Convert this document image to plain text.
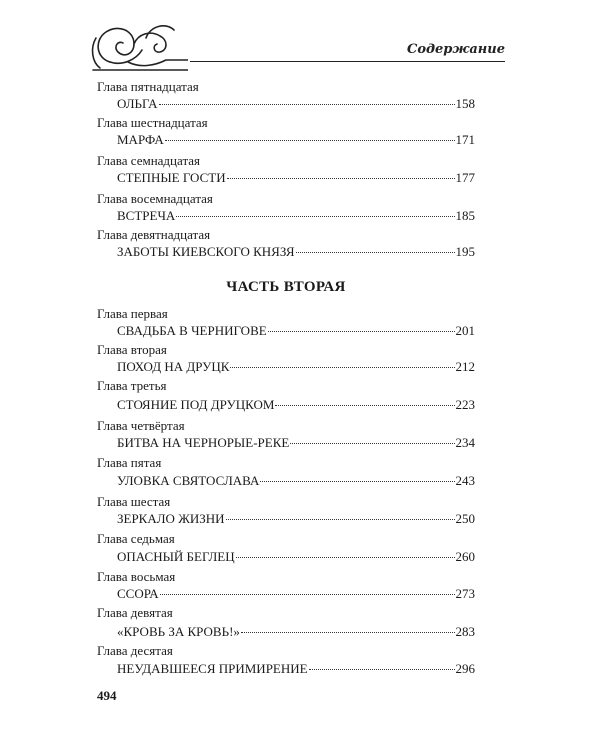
Содержание
Глава пятнадцатая
ОЛЬГА	158
Глава шестнадцатая
МАРФА	171
Глава семнадцатая
СТЕПНЫЕ ГОСТИ	177
Глава восемнадцатая
ВСТРЕЧА	185
Глава девятнадцатая
ЗАБОТЫ КИЕВСКОГО КНЯЗЯ	195
ЧАСТЬ ВТОРАЯ
Глава первая
СВАДЬБА В ЧЕРНИГОВЕ	201
Глава вторая
ПОХОД НА ДРУЦК	212
Глава третья
СТОЯНИЕ ПОД ДРУЦКОМ	223
Глава четвёртая
БИТВА НА ЧЕРНОРЫЕ-РЕКЕ	234
Глава пятая
УЛОВКА СВЯТОСЛАВА	243
Глава шестая
ЗЕРКАЛО ЖИЗНИ	250
Глава седьмая
ОПАСНЫЙ БЕГЛЕЦ	260
Глава восьмая
ССОРА	273
Глава девятая
«КРОВЬ ЗА КРОВЬ!»	283
Глава десятая
НЕУДАВШЕЕСЯ ПРИМИРЕНИЕ	296
494
